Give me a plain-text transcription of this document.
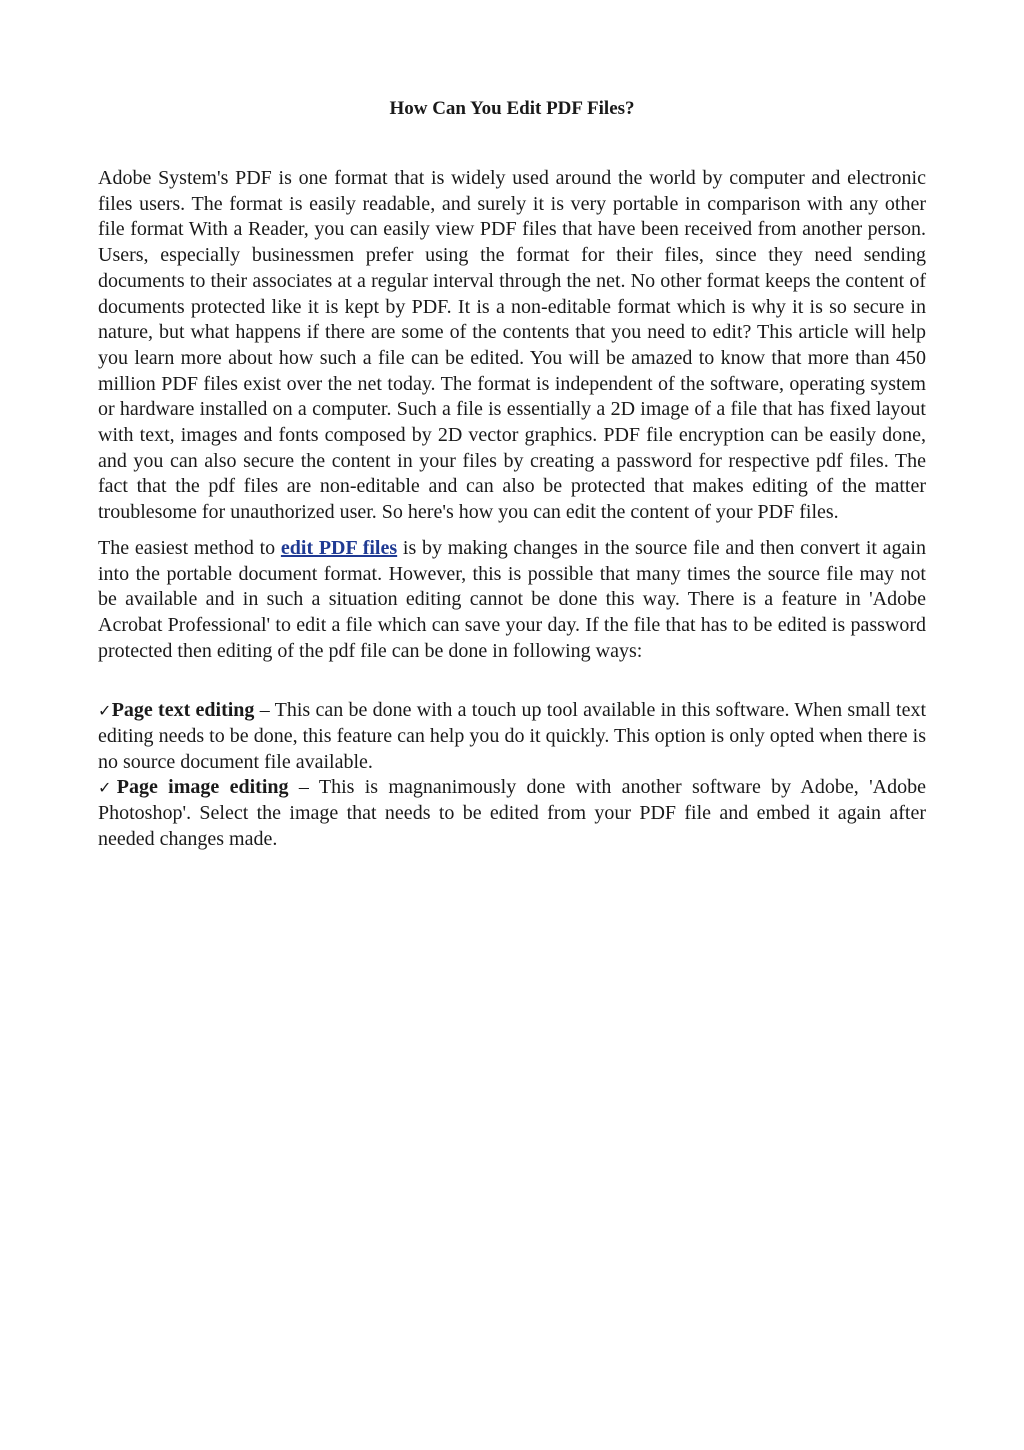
How Can You Edit PDF Files?

Adobe System's PDF is one format that is widely used around the world by computer and electronic files users. The format is easily readable, and surely it is very portable in comparison with any other file format With a Reader, you can easily view PDF files that have been received from another person. Users, especially businessmen prefer using the format for their files, since they need sending documents to their associates at a regular interval through the net. No other format keeps the content of documents protected like it is kept by PDF. It is a non-editable format which is why it is so secure in nature, but what happens if there are some of the contents that you need to edit? This article will help you learn more about how such a file can be edited. You will be amazed to know that more than 450 million PDF files exist over the net today. The format is independent of the software, operating system or hardware installed on a computer. Such a file is essentially a 2D image of a file that has fixed layout with text, images and fonts composed by 2D vector graphics. PDF file encryption can be easily done, and you can also secure the content in your files by creating a password for respective pdf files. The fact that the pdf files are non-editable and can also be protected that makes editing of the matter troublesome for unauthorized user. So here's how you can edit the content of your PDF files.

The easiest method to edit PDF files is by making changes in the source file and then convert it again into the portable document format. However, this is possible that many times the source file may not be available and in such a situation editing cannot be done this way. There is a feature in 'Adobe Acrobat Professional' to edit a file which can save your day. If the file that has to be edited is password protected then editing of the pdf file can be done in following ways:

✓Page text editing – This can be done with a touch up tool available in this software. When small text editing needs to be done, this feature can help you do it quickly. This option is only opted when there is no source document file available.

✓Page image editing – This is magnanimously done with another software by Adobe, 'Adobe Photoshop'. Select the image that needs to be edited from your PDF file and embed it again after needed changes made.
